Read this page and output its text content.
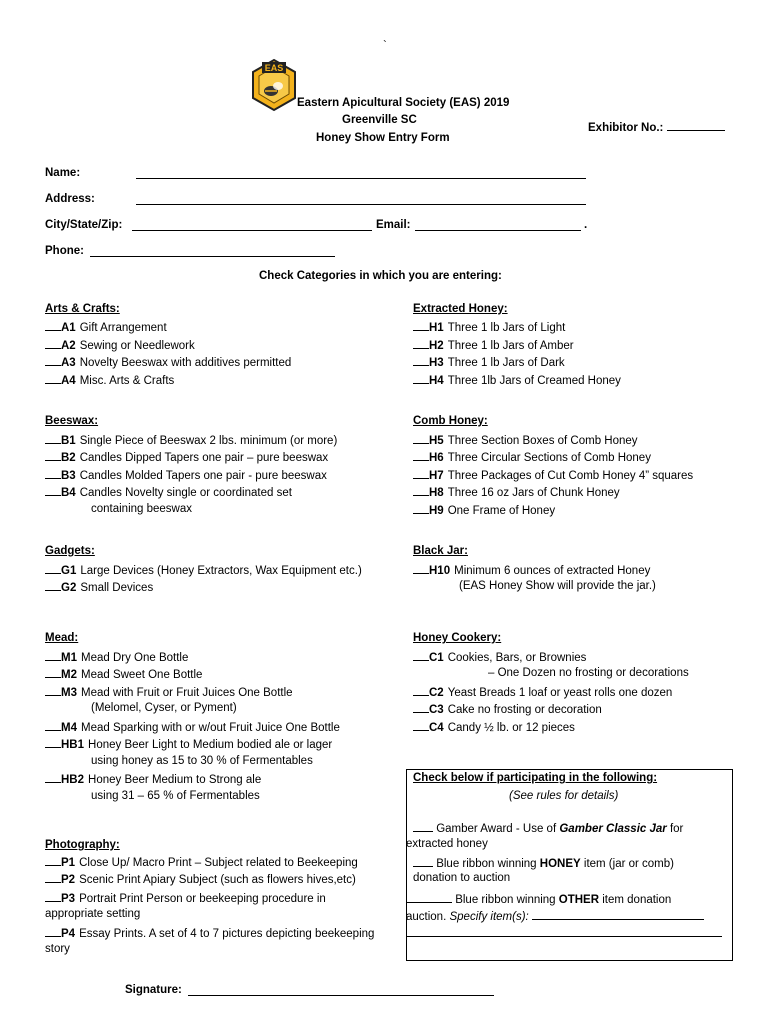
`
EAS
Eastern Apicultural Society (EAS) 2019
Greenville SC
Honey Show Entry Form
Exhibitor No.:
Name:
Address:
City/State/Zip:	Email:	.
Phone:
Check Categories in which you are entering:
Arts & Crafts:
A1 Gift Arrangement
A2 Sewing or Needlework
A3 Novelty Beeswax with additives permitted
A4 Misc. Arts & Crafts
Extracted Honey:
H1 Three 1 lb Jars of Light
H2 Three 1 lb Jars of Amber
H3 Three 1 lb Jars of Dark
H4 Three 1lb Jars of Creamed Honey
Beeswax:
B1 Single Piece of Beeswax 2 lbs. minimum (or more)
B2 Candles Dipped Tapers one pair – pure beeswax
B3 Candles Molded Tapers one pair - pure beeswax
B4 Candles Novelty single or coordinated set
containing beeswax
Comb Honey:
H5 Three Section Boxes of Comb Honey
H6 Three Circular Sections of Comb Honey
H7 Three Packages of Cut Comb Honey 4” squares
H8 Three 16 oz Jars of Chunk Honey
H9 One Frame of Honey
Gadgets:
G1 Large Devices (Honey Extractors, Wax Equipment etc.)
G2 Small Devices
Black Jar:
H10 Minimum 6 ounces of extracted Honey
(EAS Honey Show will provide the jar.)
Mead:
M1 Mead Dry One Bottle
M2 Mead Sweet One Bottle
M3 Mead with Fruit or Fruit Juices One Bottle
(Melomel, Cyser, or Pyment)
M4 Mead Sparking with or w/out Fruit Juice One Bottle
HB1 Honey Beer Light to Medium bodied ale or lager
using honey as 15 to 30 % of Fermentables
HB2 Honey Beer Medium to Strong ale
using 31 – 65 % of Fermentables
Honey Cookery:
C1 Cookies, Bars, or Brownies
– One Dozen no frosting or decorations
C2 Yeast Breads 1 loaf or yeast rolls one dozen
C3 Cake no frosting or decoration
C4 Candy ½ lb. or 12 pieces
Check below if participating in the following:
(See rules for details)
Gamber Award - Use of Gamber Classic Jar for
extracted honey
Blue ribbon winning HONEY item (jar or comb)
donation to auction
Blue ribbon winning OTHER item donation
auction. Specify item(s):
Photography:
P1 Close Up/ Macro Print – Subject related to Beekeeping
P2 Scenic Print Apiary Subject (such as flowers hives,etc)
P3 Portrait Print Person or beekeeping procedure in
appropriate setting
P4 Essay Prints. A set of 4 to 7 pictures depicting beekeeping
story
Signature:
